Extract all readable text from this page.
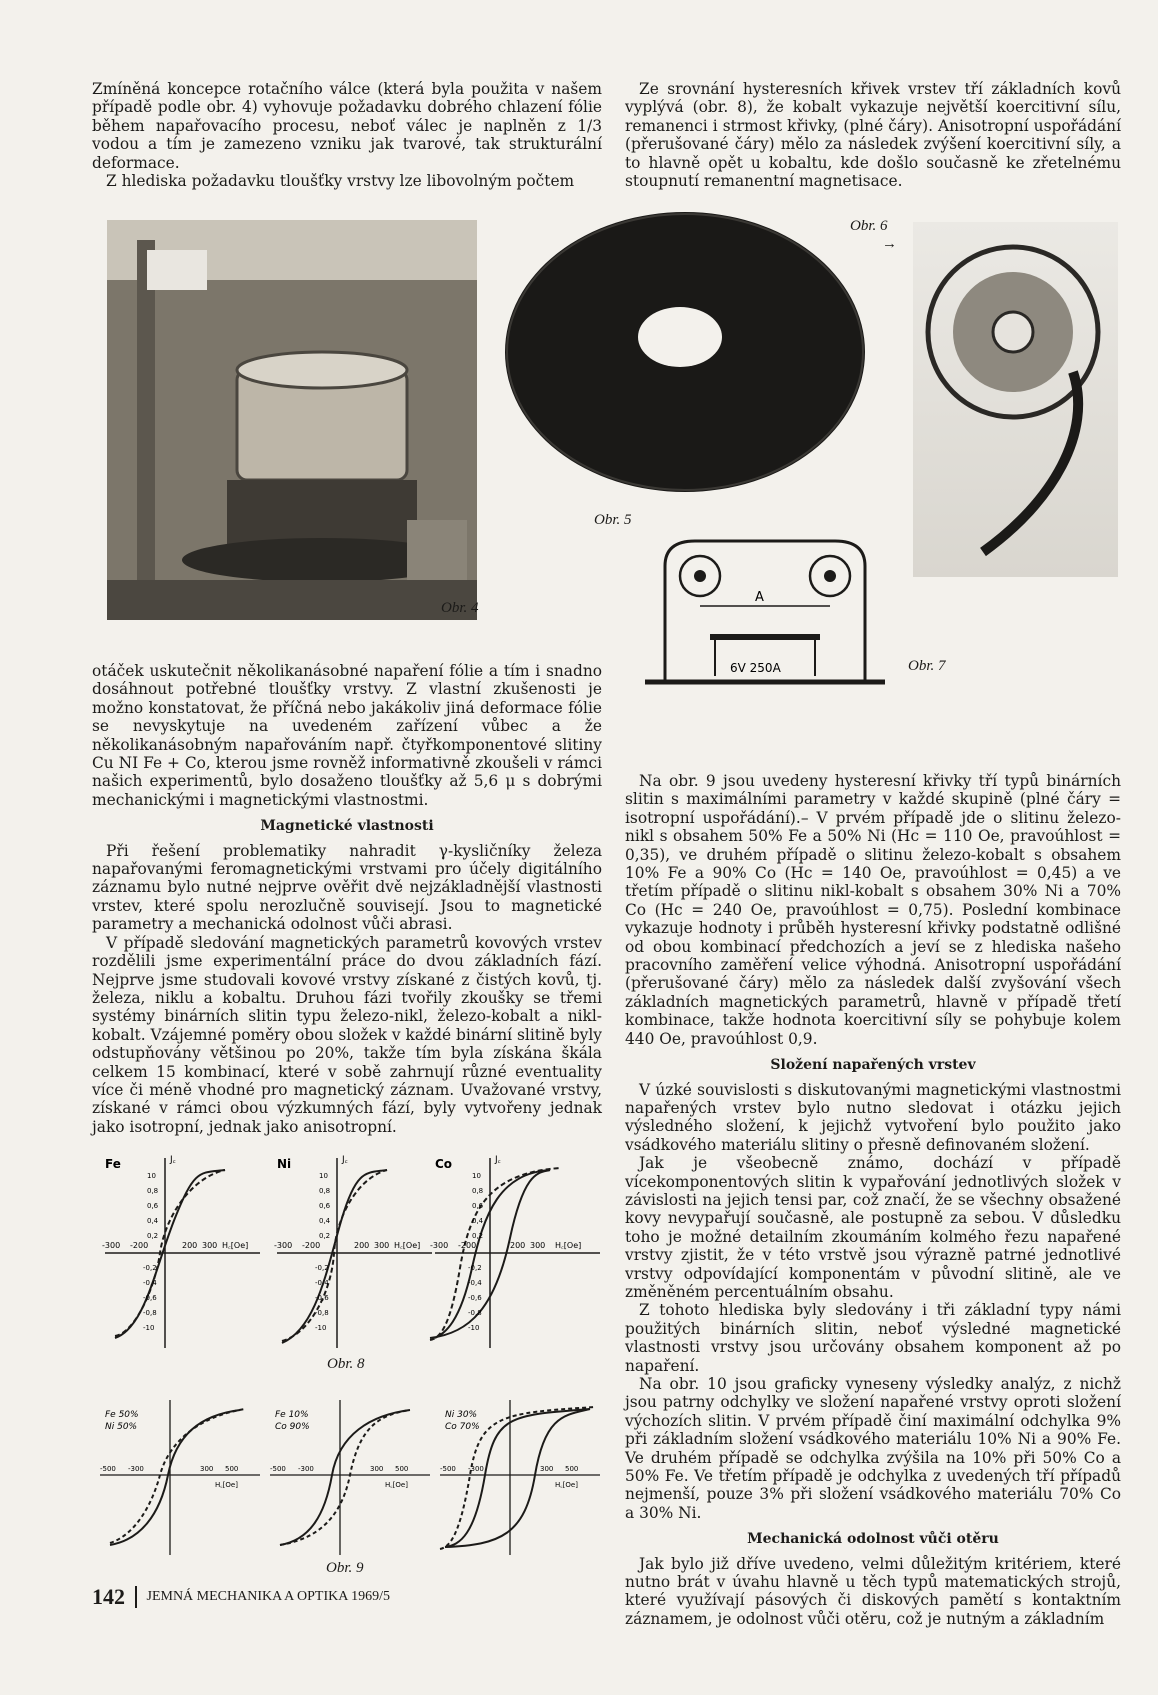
Zmíněná koncepce rotačního válce (která byla použita v našem případě podle obr. 4) vyhovuje požadavku dobrého chlazení fólie během napařovacího procesu, neboť válec je naplněn z 1/3 vodou a tím je zamezeno vzniku jak tvarové, tak strukturální deformace.

Z hlediska požadavku tloušťky vrstvy lze libovolným počtem

Obr. 4
Obr. 5
Obr. 6
→

Ze srovnání hysteresních křivek vrstev tří základních kovů vyplývá (obr. 8), že kobalt vykazuje největší koercitivní sílu, remanenci i strmost křivky, (plné čáry). Anisotropní uspořádání (přerušované čáry) mělo za následek zvýšení koercitivní síly, a to hlavně opět u kobaltu, kde došlo současně ke zřetelnému stoupnutí remanentní magnetisace.

A
6V 250A	Obr. 7

otáček uskutečnit několikanásobné napaření fólie a tím i snadno dosáhnout potřebné tloušťky vrstvy. Z vlastní zkušenosti je možno konstatovat, že příčná nebo jakákoliv jiná deformace fólie se nevyskytuje na uvedeném zařízení vůbec a že několikanásobným napařováním např. čtyřkomponentové slitiny Cu NI Fe + Co, kterou jsme rovněž informativně zkoušeli v rámci našich experimentů, bylo dosaženo tloušťky až 5,6 μ s dobrými mechanickými i magnetickými vlastnostmi.

Magnetické vlastnosti

Při řešení problematiky nahradit γ-kysličníky železa napařovanými feromagnetickými vrstvami pro účely digitálního záznamu bylo nutné nejprve ověřit dvě nejzákladnější vlastnosti vrstev, které spolu nerozlučně souvisejí. Jsou to magnetické parametry a mechanická odolnost vůči abrasi.

V případě sledování magnetických parametrů kovových vrstev rozdělili jsme experimentální práce do dvou základních fází. Nejprve jsme studovali kovové vrstvy získané z čistých kovů, tj. železa, niklu a kobaltu. Druhou fázi tvořily zkoušky se třemi systémy binárních slitin typu železo-nikl, železo-kobalt a nikl-kobalt. Vzájemné poměry obou složek v každé binární slitině byly odstupňovány většinou po 20%, takže tím byla získána škála celkem 15 kombinací, které v sobě zahrnují různé eventuality více či méně vhodné pro magnetický záznam. Uvažované vrstvy, získané v rámci obou výzkumných fází, byly vytvořeny jednak jako isotropní, jednak jako anisotropní.

Fe	J꜀
-300 -200	200 300 H꜀[Oe]
10
0,8
0,6
0,4
0,2
-0,2
-0,4
-0,6
-0,8
-10
Ni	J꜀
-300 -200	200 300 H꜀[Oe]
10
0,8
0,6
0,4
0,2
-0,2
-0,4
-0,6
-0,8
-10
Co	J꜀
-300 -200	200 300 H꜀[Oe]
10
0,8
0,6
0,4
0,2
-0,2
-0,4
-0,6
-0,8
-10
Obr. 8
Fe 50%
Ni 50%
-500 -300	300 500
H꜀[Oe]
Fe 10%
Co 90%
-500 -300	300 500
H꜀[Oe]
Ni 30%
Co 70%
-500 -300	300 500
H꜀[Oe]
Obr. 9

Na obr. 9 jsou uvedeny hysteresní křivky tří typů binárních slitin s maximálními parametry v každé skupině (plné čáry = isotropní uspořádání).– V prvém případě jde o slitinu železo-nikl s obsahem 50% Fe a 50% Ni (Hc = 110 Oe, pravoúhlost = 0,35), ve druhém případě o slitinu železo-kobalt s obsahem 10% Fe a 90% Co (Hc = 140 Oe, pravoúhlost = 0,45) a ve třetím případě o slitinu nikl-kobalt s obsahem 30% Ni a 70% Co (Hc = 240 Oe, pravoúhlost = 0,75). Poslední kombinace vykazuje hodnoty i průběh hysteresní křivky podstatně odlišné od obou kombinací předchozích a jeví se z hlediska našeho pracovního zaměření velice výhodná. Anisotropní uspořádání (přerušované čáry) mělo za následek další zvyšování všech základních magnetických parametrů, hlavně v případě třetí kombinace, takže hodnota koercitivní síly se pohybuje kolem 440 Oe, pravoúhlost 0,9.

Složení napařených vrstev

V úzké souvislosti s diskutovanými magnetickými vlastnostmi napařených vrstev bylo nutno sledovat i otázku jejich výsledného složení, k jejichž vytvoření bylo použito jako vsádkového materiálu slitiny o přesně definovaném složení.

Jak je všeobecně známo, dochází v případě vícekomponentových slitin k vypařování jednotlivých složek v závislosti na jejich tensi par, což značí, že se všechny obsažené kovy nevypařují současně, ale postupně za sebou. V důsledku toho je možné detailním zkoumáním kolmého řezu napařené vrstvy zjistit, že v této vrstvě jsou výrazně patrné jednotlivé vrstvy odpovídající komponentám v původní slitině, ale ve změněném percentuálním obsahu.

Z tohoto hlediska byly sledovány i tři základní typy námi použitých binárních slitin, neboť výsledné magnetické vlastnosti vrstvy jsou určovány obsahem komponent až po napaření.

Na obr. 10 jsou graficky vyneseny výsledky analýz, z nichž jsou patrny odchylky ve složení napařené vrstvy oproti složení výchozích slitin. V prvém případě činí maximální odchylka 9% při základním složení vsádkového materiálu 10% Ni a 90% Fe. Ve druhém případě se odchylka zvýšila na 10% při 50% Co a 50% Fe. Ve třetím případě je odchylka z uvedených tří případů nejmenší, pouze 3% při složení vsádkového materiálu 70% Co a 30% Ni.

Mechanická odolnost vůči otěru

Jak bylo již dříve uvedeno, velmi důležitým kritériem, které nutno brát v úvahu hlavně u těch typů matematických strojů, které využívají pásových či diskových pamětí s kontaktním záznamem, je odolnost vůči otěru, což je nutným a základním

142 JEMNÁ MECHANIKA A OPTIKA 1969/5
